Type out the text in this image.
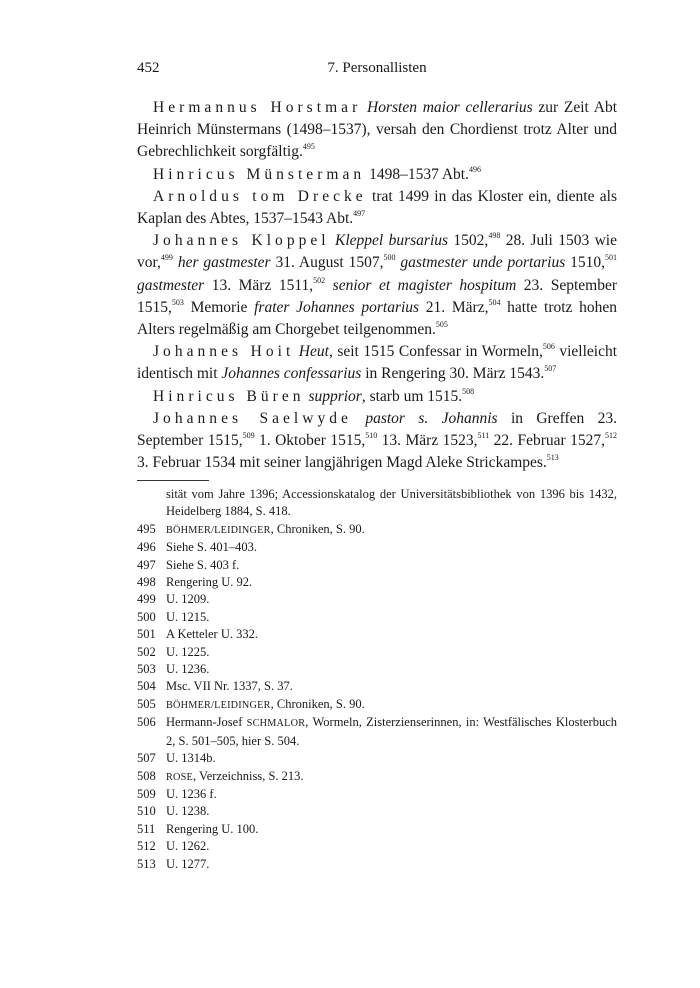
452	7. Personallisten

Hermannus Horstmar Horsten maior cellerarius zur Zeit Abt Heinrich Münstermans (1498–1537), versah den Chordienst trotz Alter und Gebrechlichkeit sorgfältig.$^{495}$

Hinricus Münsterman 1498–1537 Abt.$^{496}$

Arnoldus tom Drecke trat 1499 in das Kloster ein, diente als Kaplan des Abtes, 1537–1543 Abt.$^{497}$

Johannes Kloppel Kleppel bursarius 1502,$^{498}$ 28. Juli 1503 wie vor,$^{499}$ her gastmester 31. August 1507,$^{500}$ gastmester unde portarius 1510,$^{501}$ gastmester 13. März 1511,$^{502}$ senior et magister hospitum 23. September 1515,$^{503}$ Memorie frater Johannes portarius 21. März,$^{504}$ hatte trotz hohen Alters regelmäßig am Chorgebet teilgenommen.$^{505}$

Johannes Hoit Heut, seit 1515 Confessar in Wormeln,$^{506}$ vielleicht identisch mit Johannes confessarius in Rengering 30. März 1543.$^{507}$

Hinricus Büren supprior, starb um 1515.$^{508}$

Johannes Saelwyde pastor s. Johannis in Greffen 23. September 1515,$^{509}$ 1. Oktober 1515,$^{510}$ 13. März 1523,$^{511}$ 22. Februar 1527,$^{512}$ 3. Februar 1534 mit seiner langjährigen Magd Aleke Strickampes.$^{513}$

sität vom Jahre 1396; Accessionskatalog der Universitätsbibliothek von 1396 bis 1432, Heidelberg 1884, S. 418.
495 BÖHMER/LEIDINGER, Chroniken, S. 90.
496 Siehe S. 401–403.
497 Siehe S. 403 f.
498 Rengering U. 92.
499 U. 1209.
500 U. 1215.
501 A Ketteler U. 332.
502 U. 1225.
503 U. 1236.
504 Msc. VII Nr. 1337, S. 37.
505 BÖHMER/LEIDINGER, Chroniken, S. 90.
506 Hermann-Josef SCHMALOR, Wormeln, Zisterzienserinnen, in: Westfälisches Klosterbuch 2, S. 501–505, hier S. 504.
507 U. 1314b.
508 ROSE, Verzeichniss, S. 213.
509 U. 1236 f.
510 U. 1238.
511 Rengering U. 100.
512 U. 1262.
513 U. 1277.
